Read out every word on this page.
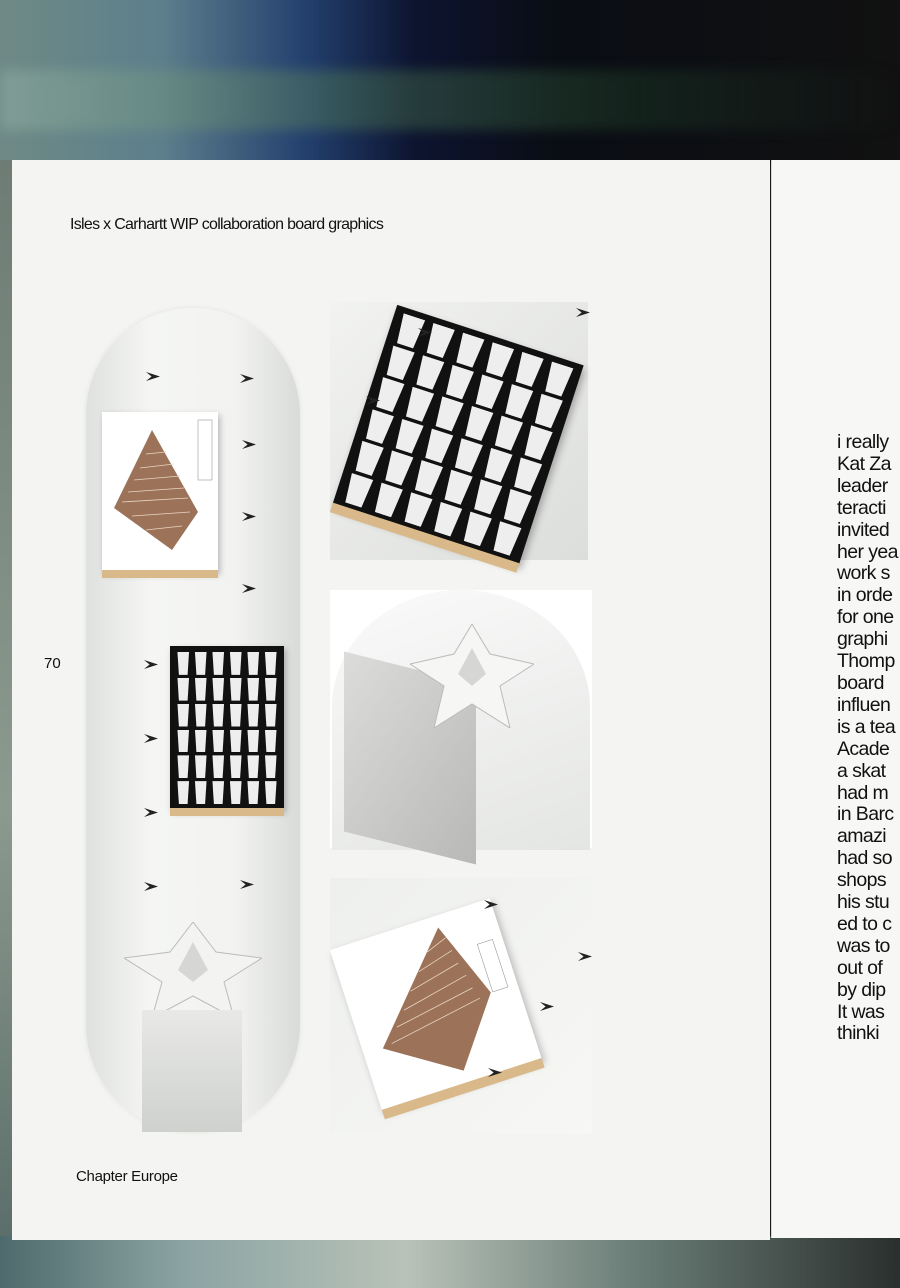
Isles x Carhartt WIP collaboration board graphics

70
Chapter Europe

i really
Kat Za
leader
teracti
invited
her yea
work s
in orde
for one
graphi
Thomp
board
influen
is a tea
Acade
a skat
had m
in Barc
amazi
had so
shops
his stu
ed to c
was to
out of
by dip
It was
thinki
